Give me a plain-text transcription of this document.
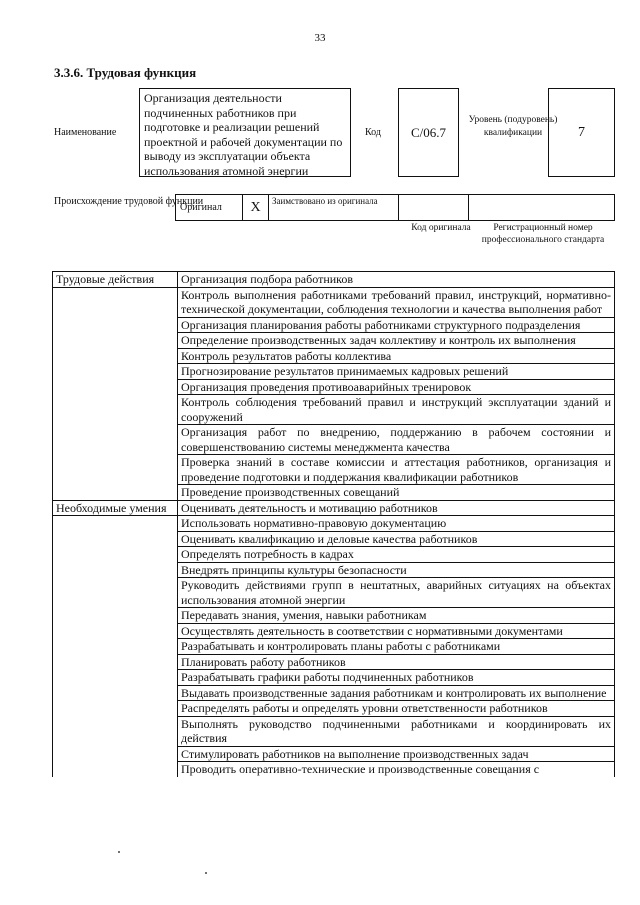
33
3.3.6. Трудовая функция
Наименование
Организация деятельности подчиненных работников при подготовке и реализации решений проектной и рабочей документации по выводу из эксплуатации объекта использования атомной энергии
Код	C/06.7
Уровень (подуровень) квалификации	7
Происхождение трудовой функции
Оригинал	X	Заимствовано из оригинала
Код оригинала	Регистрационный номер профессионального стандарта
Трудовые действия	Организация подбора работников
	Контроль выполнения работниками требований правил, инструкций, нормативно-технической документации, соблюдения технологии и качества выполнения работ
	Организация планирования работы работниками структурного подразделения
	Определение производственных задач коллективу и контроль их выполнения
	Контроль результатов работы коллектива
	Прогнозирование результатов принимаемых кадровых решений
	Организация проведения противоаварийных тренировок
	Контроль соблюдения требований правил и инструкций эксплуатации зданий и сооружений
	Организация работ по внедрению, поддержанию в рабочем состоянии и совершенствованию системы менеджмента качества
	Проверка знаний в составе комиссии и аттестация работников, организация и проведение подготовки и поддержания квалификации работников
	Проведение производственных совещаний
Необходимые умения	Оценивать деятельность и мотивацию работников
	Использовать нормативно-правовую документацию
	Оценивать квалификацию и деловые качества работников
	Определять потребность в кадрах
	Внедрять принципы культуры безопасности
	Руководить действиями групп в нештатных, аварийных ситуациях на объектах использования атомной энергии
	Передавать знания, умения, навыки работникам
	Осуществлять деятельность в соответствии с нормативными документами
	Разрабатывать и контролировать планы работы с работниками
	Планировать работу работников
	Разрабатывать графики работы подчиненных работников
	Выдавать производственные задания работникам и контролировать их выполнение
	Распределять работы и определять уровни ответственности работников
	Выполнять руководство подчиненными работниками и координировать их действия
	Стимулировать работников на выполнение производственных задач
	Проводить оперативно-технические и производственные совещания с
